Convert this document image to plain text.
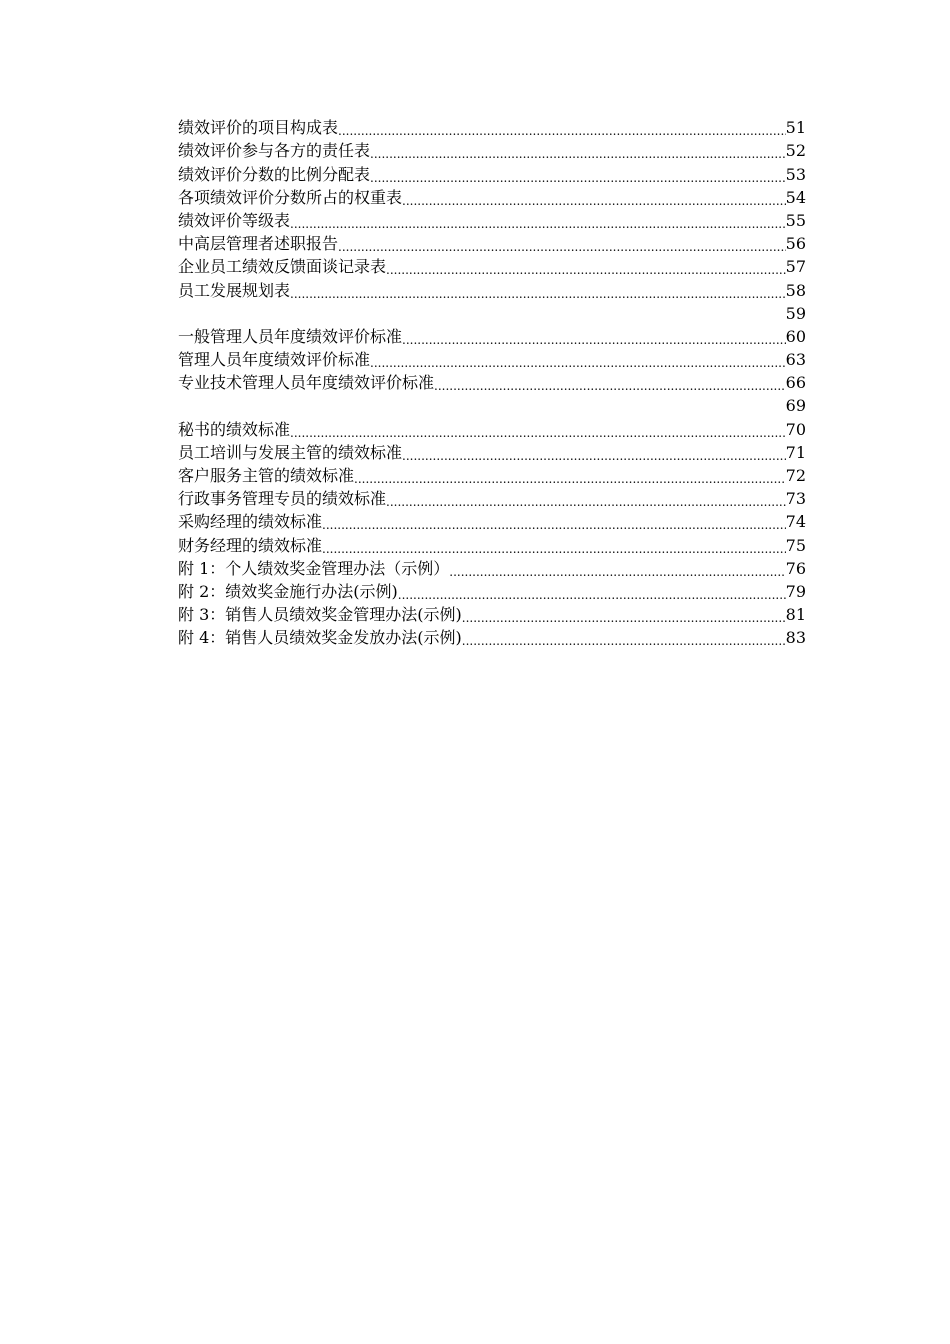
绩效评价的项目构成表 .....	51
绩效评价参与各方的责任表 .....	52
绩效评价分数的比例分配表 .....	53
各项绩效评价分数所占的权重表 .....	54
绩效评价等级表 .....	55
中高层管理者述职报告 .....	56
企业员工绩效反馈面谈记录表 .....	57
员工发展规划表 .....	58
59
一般管理人员年度绩效评价标准 .....	60
管理人员年度绩效评价标准 .....	63
专业技术管理人员年度绩效评价标准 .....	66
69
秘书的绩效标准 .....	70
员工培训与发展主管的绩效标准 .....	71
客户服务主管的绩效标准 .....	72
行政事务管理专员的绩效标准 .....	73
采购经理的绩效标准 .....	74
财务经理的绩效标准 .....	75
附 1：个人绩效奖金管理办法（示例） .....	76
附 2：绩效奖金施行办法(示例) .....	79
附 3：销售人员绩效奖金管理办法(示例) .....	81
附 4：销售人员绩效奖金发放办法(示例) .....	83
